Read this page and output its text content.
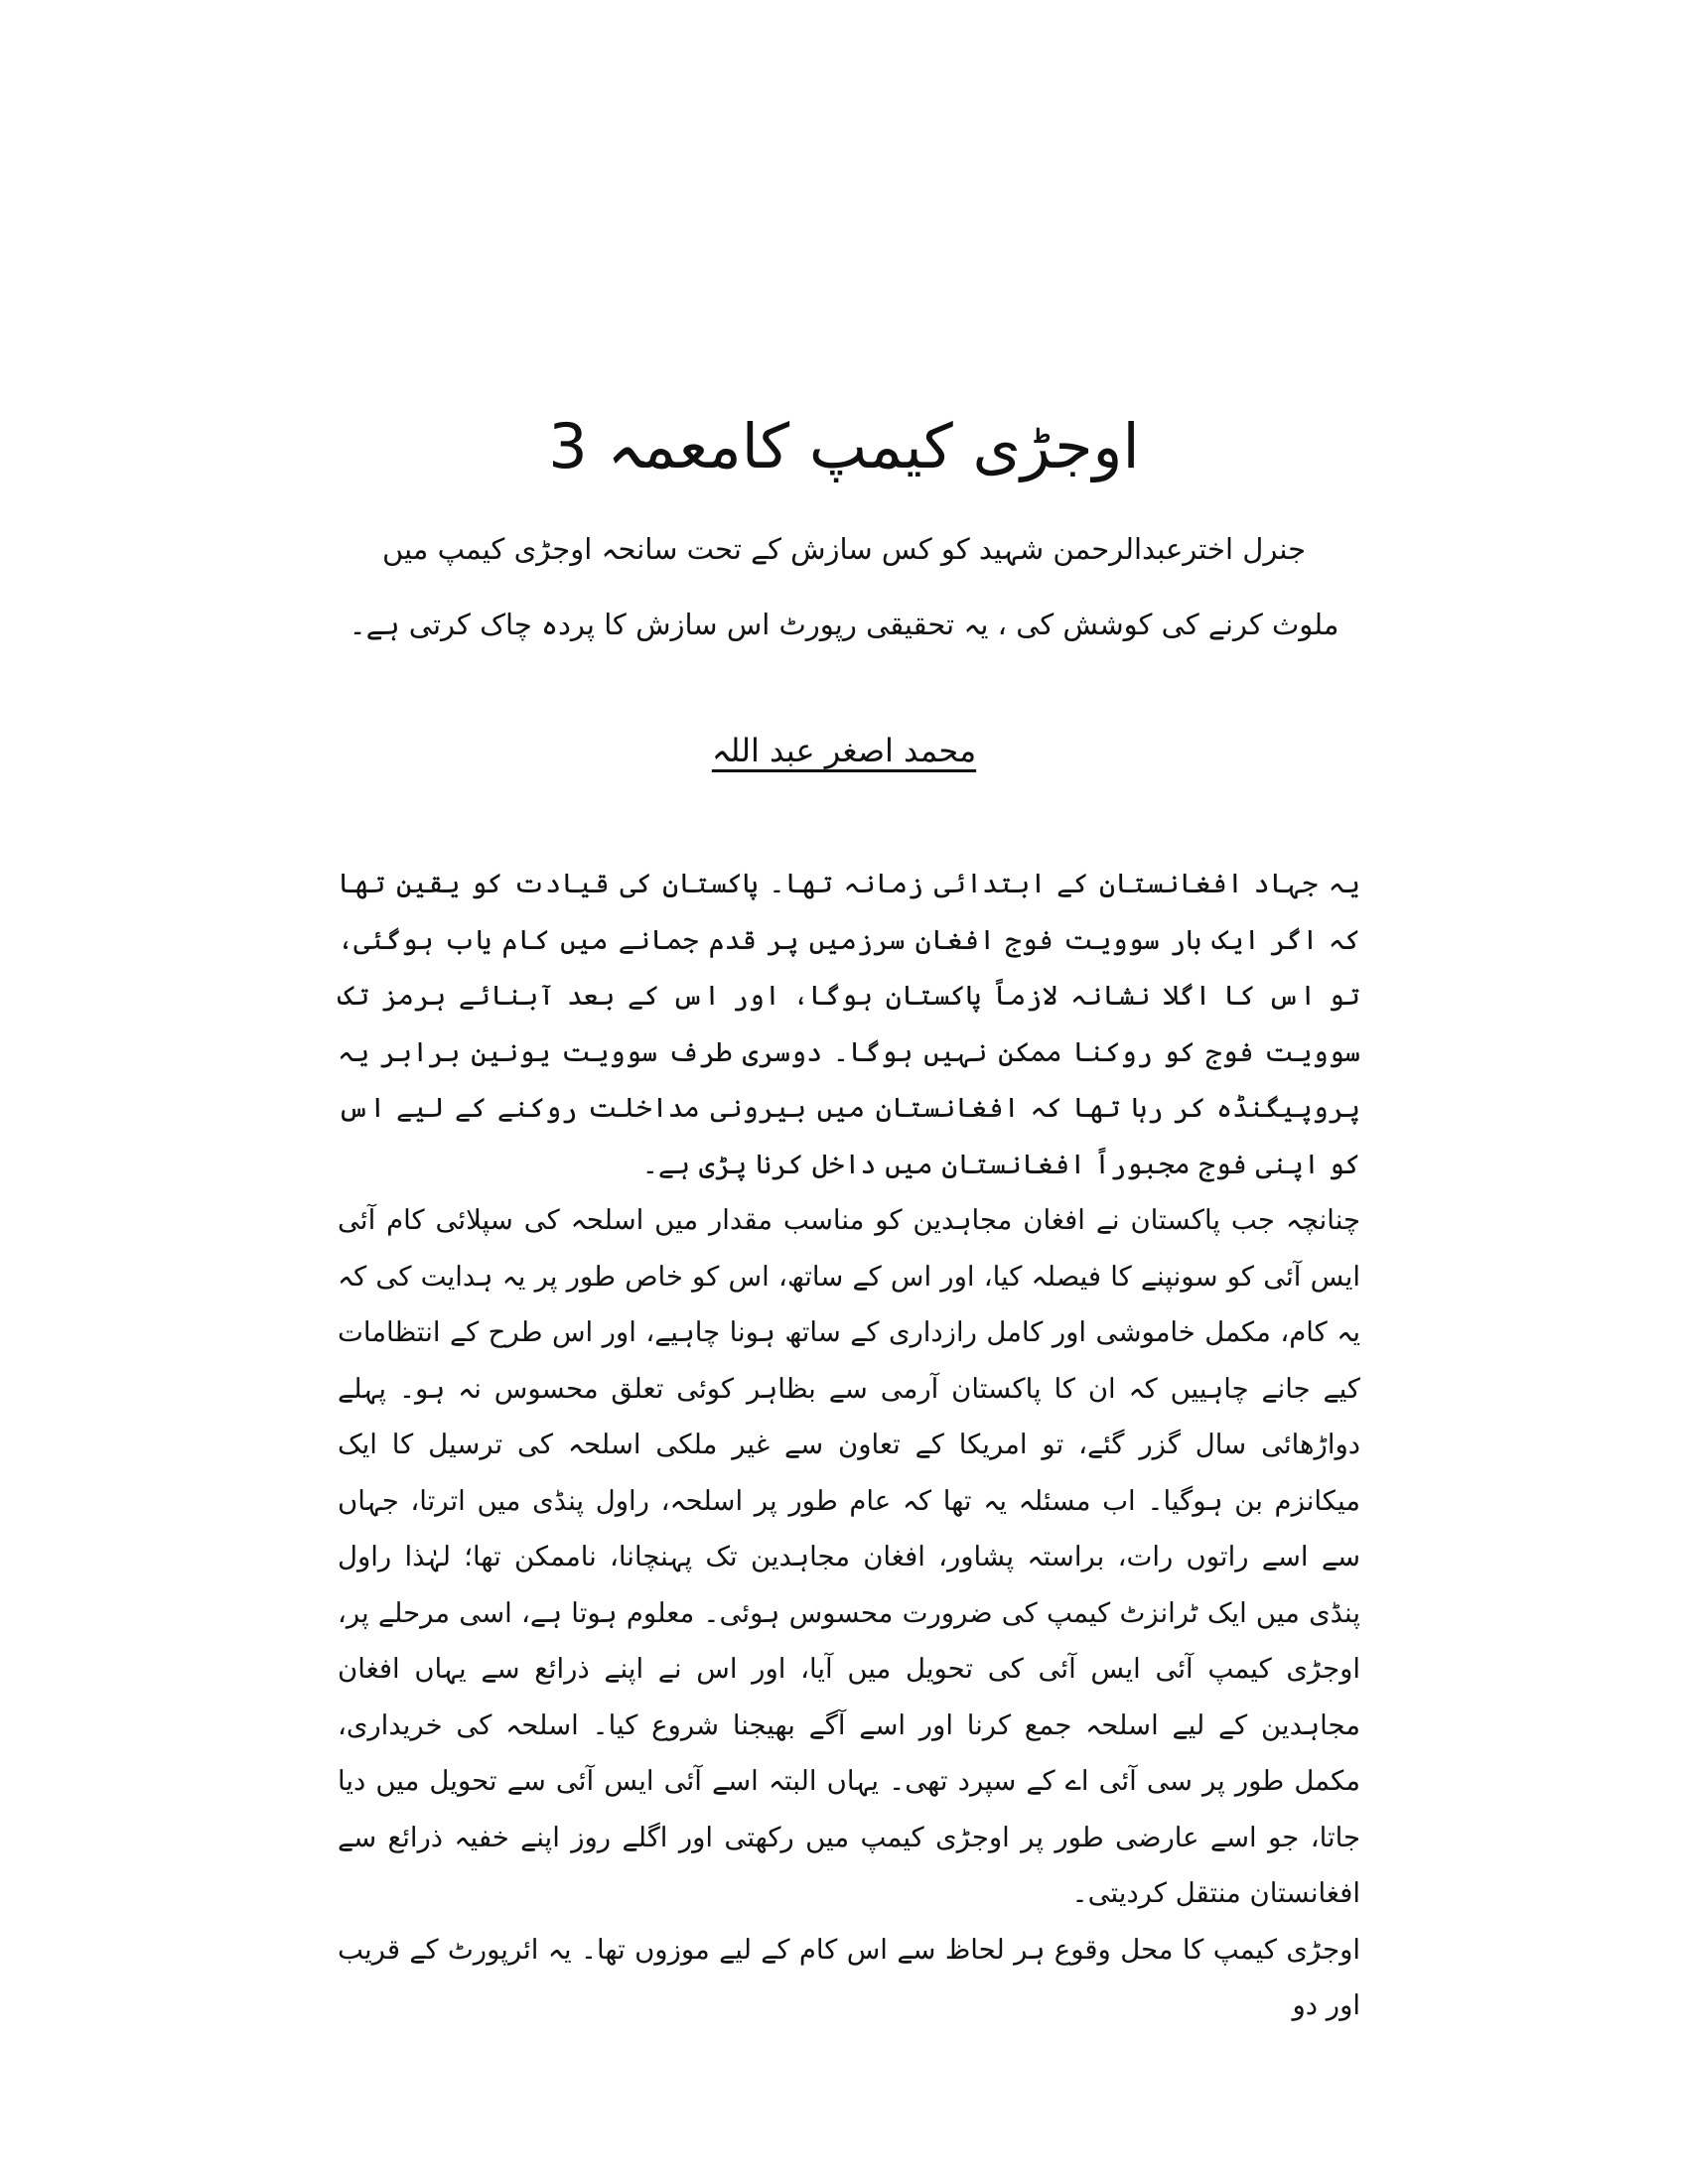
اوجڑی کیمپ کامعمہ 3
جنرل اخترعبدالرحمن شہید کو کس سازش کے تحت سانحہ اوجڑی کیمپ میں
ملوث کرنے کی کوشش کی ، یہ تحقیقی رپورٹ اس سازش کا پردہ چاک کرتی ہے۔
محمد اصغر عبد اللہ

یہ جہاد افغانستان کے ابتدائی زمانہ تھا۔ پاکستان کی قیادت کو یقین تھا کہ اگر ایک بار سوویت فوج افغان سرزمیں پر قدم جمانے میں کام یاب ہوگئی، تو اس کا اگلا نشانہ لازماً پاکستان ہوگا، اور اس کے بعد آبنائے ہرمز تک سوویت فوج کو روکنا ممکن نہیں ہوگا۔ دوسری طرف سوویت یونین برابر یہ پروپیگنڈہ کر رہا تھا کہ افغانستان میں بیرونی مداخلت روکنے کے لیے اس کو اپنی فوج مجبوراً افغانستان میں داخل کرنا پڑی ہے۔

چنانچہ جب پاکستان نے افغان مجاہدین کو مناسب مقدار میں اسلحہ کی سپلائی کام آئی ایس آئی کو سونپنے کا فیصلہ کیا، اور اس کے ساتھ، اس کو خاص طور پر یہ ہدایت کی کہ یہ کام، مکمل خاموشی اور کامل رازداری کے ساتھ ہونا چاہیے، اور اس طرح کے انتظامات کیے جانے چاہییں کہ ان کا پاکستان آرمی سے بظاہر کوئی تعلق محسوس نہ ہو۔ پہلے دواڑھائی سال گزر گئے، تو امریکا کے تعاون سے غیر ملکی اسلحہ کی ترسیل کا ایک میکانزم بن ہوگیا۔ اب مسئلہ یہ تھا کہ عام طور پر اسلحہ، راول پنڈی میں اترتا، جہاں سے اسے راتوں رات، براستہ پشاور، افغان مجاہدین تک پہنچانا، ناممکن تھا؛ لہٰذا راول پنڈی میں ایک ٹرانزٹ کیمپ کی ضرورت محسوس ہوئی۔ معلوم ہوتا ہے، اسی مرحلے پر، اوجڑی کیمپ آئی ایس آئی کی تحویل میں آیا، اور اس نے اپنے ذرائع سے یہاں افغان مجاہدین کے لیے اسلحہ جمع کرنا اور اسے آگے بھیجنا شروع کیا۔ اسلحہ کی خریداری، مکمل طور پر سی آئی اے کے سپرد تھی۔ یہاں البتہ اسے آئی ایس آئی سے تحویل میں دیا جاتا، جو اسے عارضی طور پر اوجڑی کیمپ میں رکھتی اور اگلے روز اپنے خفیہ ذرائع سے افغانستان منتقل کردیتی۔

اوجڑی کیمپ کا محل وقوع ہر لحاظ سے اس کام کے لیے موزوں تھا۔ یہ ائرپورٹ کے قریب اور دو
